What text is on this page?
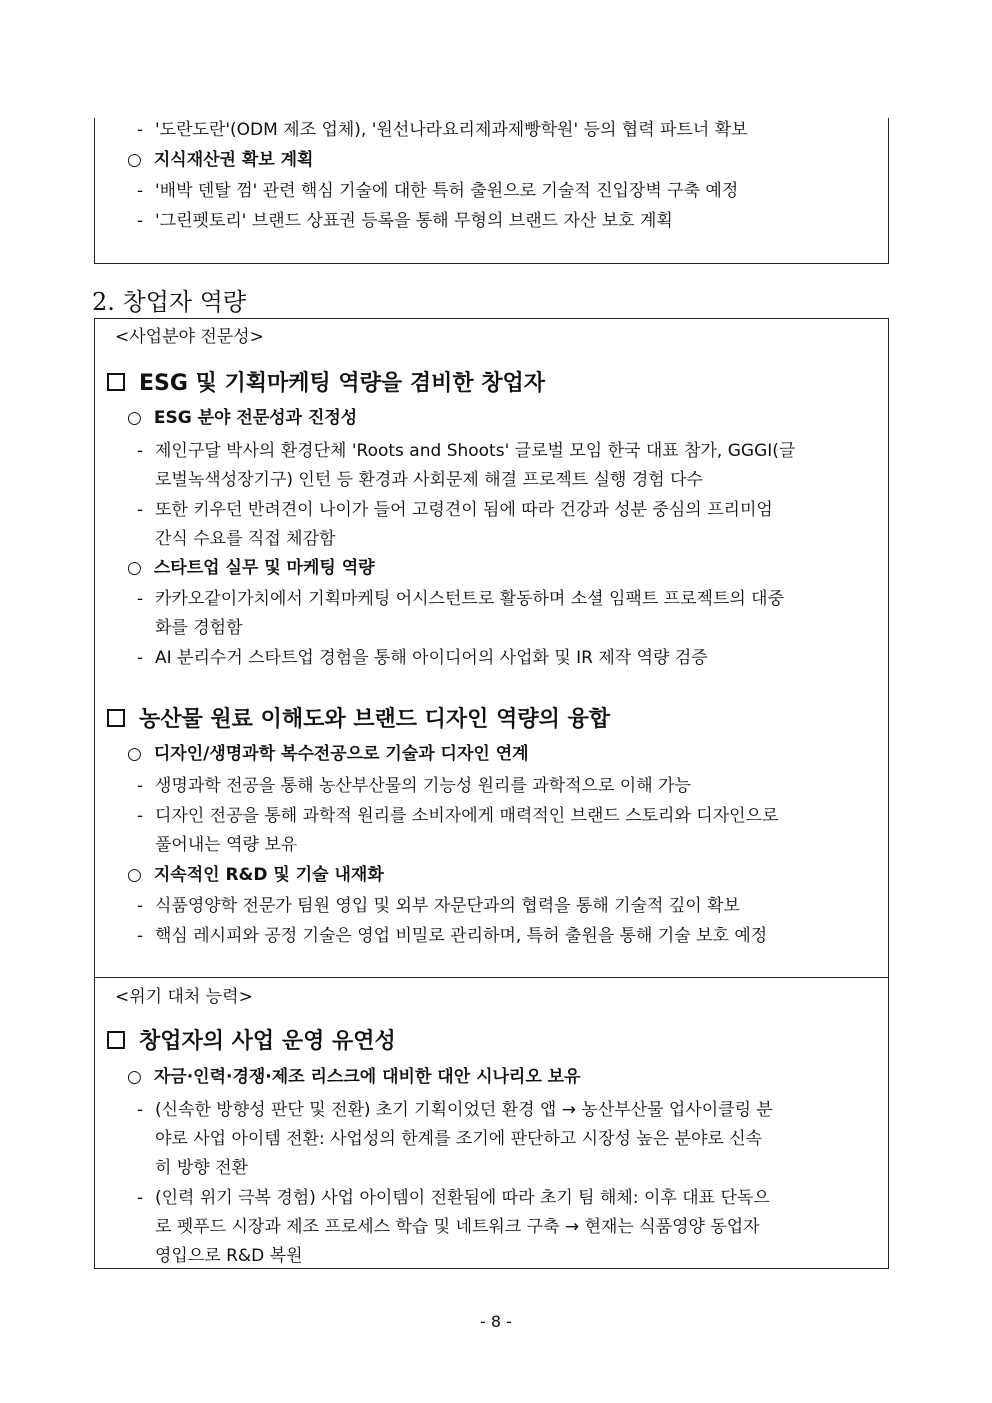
- '도란도란'(ODM 제조 업체), '원선나라요리제과제빵학원' 등의 협력 파트너 확보
○ 지식재산권 확보 계획
- '배박 덴탈 껌' 관련 핵심 기술에 대한 특허 출원으로 기술적 진입장벽 구축 예정
- '그린펫토리' 브랜드 상표권 등록을 통해 무형의 브랜드 자산 보호 계획
2. 창업자 역량
<사업분야 전문성>
ESG 및 기획마케팅 역량을 겸비한 창업자
○ ESG 분야 전문성과 진정성
- 제인구달 박사의 환경단체 'Roots and Shoots' 글로벌 모임 한국 대표 참가, GGGI(글
로벌녹색성장기구) 인턴 등 환경과 사회문제 해결 프로젝트 실행 경험 다수
- 또한 키우던 반려견이 나이가 들어 고령견이 됨에 따라 건강과 성분 중심의 프리미엄
간식 수요를 직접 체감함
○ 스타트업 실무 및 마케팅 역량
- 카카오같이가치에서 기획마케팅 어시스턴트로 활동하며 소셜 임팩트 프로젝트의 대중
화를 경험함
- AI 분리수거 스타트업 경험을 통해 아이디어의 사업화 및 IR 제작 역량 검증
농산물 원료 이해도와 브랜드 디자인 역량의 융합
○ 디자인/생명과학 복수전공으로 기술과 디자인 연계
- 생명과학 전공을 통해 농산부산물의 기능성 원리를 과학적으로 이해 가능
- 디자인 전공을 통해 과학적 원리를 소비자에게 매력적인 브랜드 스토리와 디자인으로
풀어내는 역량 보유
○ 지속적인 R&D 및 기술 내재화
- 식품영양학 전문가 팀원 영입 및 외부 자문단과의 협력을 통해 기술적 깊이 확보
- 핵심 레시피와 공정 기술은 영업 비밀로 관리하며, 특허 출원을 통해 기술 보호 예정
<위기 대처 능력>
창업자의 사업 운영 유연성
○ 자금·인력·경쟁·제조 리스크에 대비한 대안 시나리오 보유
- (신속한 방향성 판단 및 전환) 초기 기획이었던 환경 앱 → 농산부산물 업사이클링 분
야로 사업 아이템 전환: 사업성의 한계를 조기에 판단하고 시장성 높은 분야로 신속
히 방향 전환
- (인력 위기 극복 경험) 사업 아이템이 전환됨에 따라 초기 팀 해체: 이후 대표 단독으
로 펫푸드 시장과 제조 프로세스 학습 및 네트워크 구축 → 현재는 식품영양 동업자
영입으로 R&D 복원
- 8 -
